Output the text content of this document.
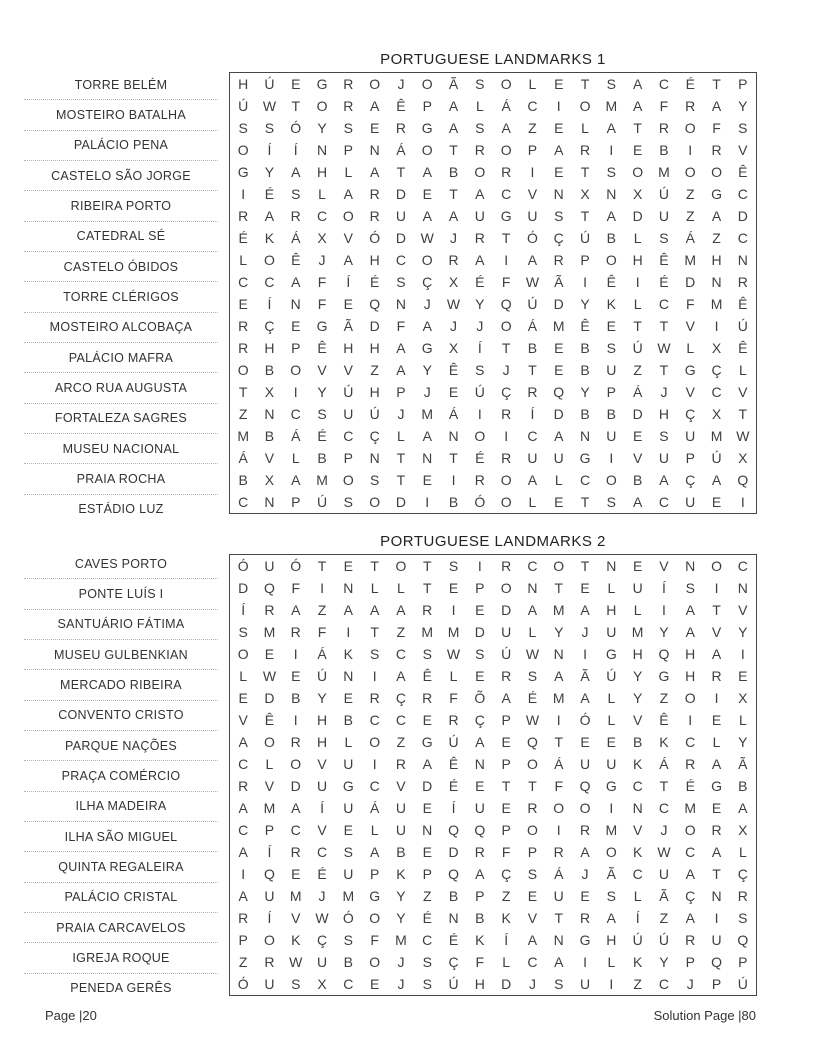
PORTUGUESE LANDMARKS 1
TORRE BELÉM
MOSTEIRO BATALHA
PALÁCIO PENA
CASTELO SÃO JORGE
RIBEIRA PORTO
CATEDRAL SÉ
CASTELO ÓBIDOS
TORRE CLÉRIGOS
MOSTEIRO ALCOBAÇA
PALÁCIO MAFRA
ARCO RUA AUGUSTA
FORTALEZA SAGRES
MUSEU NACIONAL
PRAIA ROCHA
ESTÁDIO LUZ
H	Ú	E	G	R	O	J	O	Ã	S	O	L	E	T	S	A	C	É	T	P
Ú	W	T	O	R	A	Ê	P	A	L	Á	C	I	O	M	A	F	R	A	Y
S	S	Ó	Y	S	E	R	G	A	S	A	Z	E	L	A	T	R	O	F	S
O	Í	Í	N	P	N	Á	O	T	R	O	P	A	R	I	E	B	I	R	V
G	Y	A	H	L	A	T	A	B	O	R	I	E	T	S	O	M	O	O	Ê
I	É	S	L	A	R	D	E	T	A	C	V	N	X	N	X	Ú	Z	G	C
R	A	R	C	O	R	U	A	A	U	G	U	S	T	A	D	U	Z	A	D
É	K	Á	X	V	Ó	D	W	J	R	T	Ó	Ç	Ú	B	L	S	Á	Z	C
L	O	Ê	J	A	H	C	O	R	A	I	A	R	P	O	H	Ê	M	H	N
C	C	A	F	Í	É	S	Ç	X	É	F	W	Ã	I	Ê	I	É	D	N	R
E	Í	N	F	E	Q	N	J	W	Y	Q	Ú	D	Y	K	L	C	F	M	Ê
R	Ç	E	G	Ã	D	F	A	J	J	O	Á	M	Ê	E	T	T	V	I	Ú
R	H	P	Ê	H	H	A	G	X	Í	T	B	E	B	S	Ú	W	L	X	Ê
O	B	O	V	V	Z	A	Y	Ê	S	J	T	E	B	U	Z	T	G	Ç	L
T	X	I	Y	Ú	H	P	J	E	Ú	Ç	R	Q	Y	P	Á	J	V	C	V
Z	N	C	S	U	Ú	J	M	Á	I	R	Í	D	B	B	D	H	Ç	X	T
M	B	Á	É	C	Ç	L	A	N	O	I	C	A	N	U	E	S	U	M W
Á	V	L	B	P	N	T	N	T	É	R	U	U	G	I	V	U	P	Ú	X
B	X	A	M	O	S	T	E	I	R	O	A	L	C	O	B	A	Ç	A	Q
C	N	P	Ú	S	O	D	I	B	Ó	O	L	E	T	S	A	C	U	E	I
PORTUGUESE LANDMARKS 2
CAVES PORTO
PONTE LUÍS I
SANTUÁRIO FÁTIMA
MUSEU GULBENKIAN
MERCADO RIBEIRA
CONVENTO CRISTO
PARQUE NAÇÕES
PRAÇA COMÉRCIO
ILHA MADEIRA
ILHA SÃO MIGUEL
QUINTA REGALEIRA
PALÁCIO CRISTAL
PRAIA CARCAVELOS
IGREJA ROQUE
PENEDA GERÊS
Ó	U	Ó	T	E	T	O	T	S	I	R	C	O	T	N	E	V	N	O	C
D	Q	F	I	N	L	L	T	E	P	O	N	T	E	L	U	Í	S	I	N
Í	R	A	Z	A	A	A	R	I	E	D	A	M	A	H	L	I	A	T	V
S	M	R	F	I	T	Z	M	M	D	U	L	Y	J	U	M	Y	A	V	Y
O	E	I	Á	K	S	C	S	W	S	Ú	W	N	I	G	H	Q	H	A	I
L	W	E	Ú	N	I	A	Ê	L	E	R	S	A	Ã	Ú	Y	G	H	R	E
E	D	B	Y	E	R	Ç	R	F	Õ	A	É	M	A	L	Y	Z	O	I	X
V	Ê	I	H	B	C	C	E	R	Ç	P	W	I	Ó	L	V	Ê	I	E	L
A	O	R	H	L	O	Z	G	Ú	A	E	Q	T	E	E	B	K	C	L	Y
C	L	O	V	U	I	R	A	Ê	N	P	O	Á	U	U	K	Á	R	A	Ã
R	V	D	U	G	C	V	D	É	E	T	T	F	Q	G	C	T	É	G	B
A	M	A	Í	U	Á	U	E	Í	U	E	R	O	O	I	N	C	M	E	A
C	P	C	V	E	L	U	N	Q	Q	P	O	I	R	M	V	J	O	R	X
A	Í	R	C	S	A	B	E	D	R	F	P	R	A	O	K	W	C	A	L
I	Q	E	É	U	P	K	P	Q	A	Ç	S	Á	J	Ã	C	U	A	T	Ç
A	U	M	J	M	G	Y	Z	B	P	Z	E	U	E	S	L	Ã	Ç	N	R
R	Í	V	W	Ó	O	Y	É	N	B	K	V	T	R	A	Í	Z	A	I	S
P	O	K	Ç	S	F	M	C	É	K	Í	A	N	G	H	Ú	Ú	R	U	Q
Z	R	W	U	B	O	J	S	Ç	F	L	C	A	I	L	K	Y	P	Q	P
Ó	U	S	X	C	E	J	S	Ú	H	D	J	S	U	I	Z	C	J	P	Ú
Page |20	Solution Page |80
